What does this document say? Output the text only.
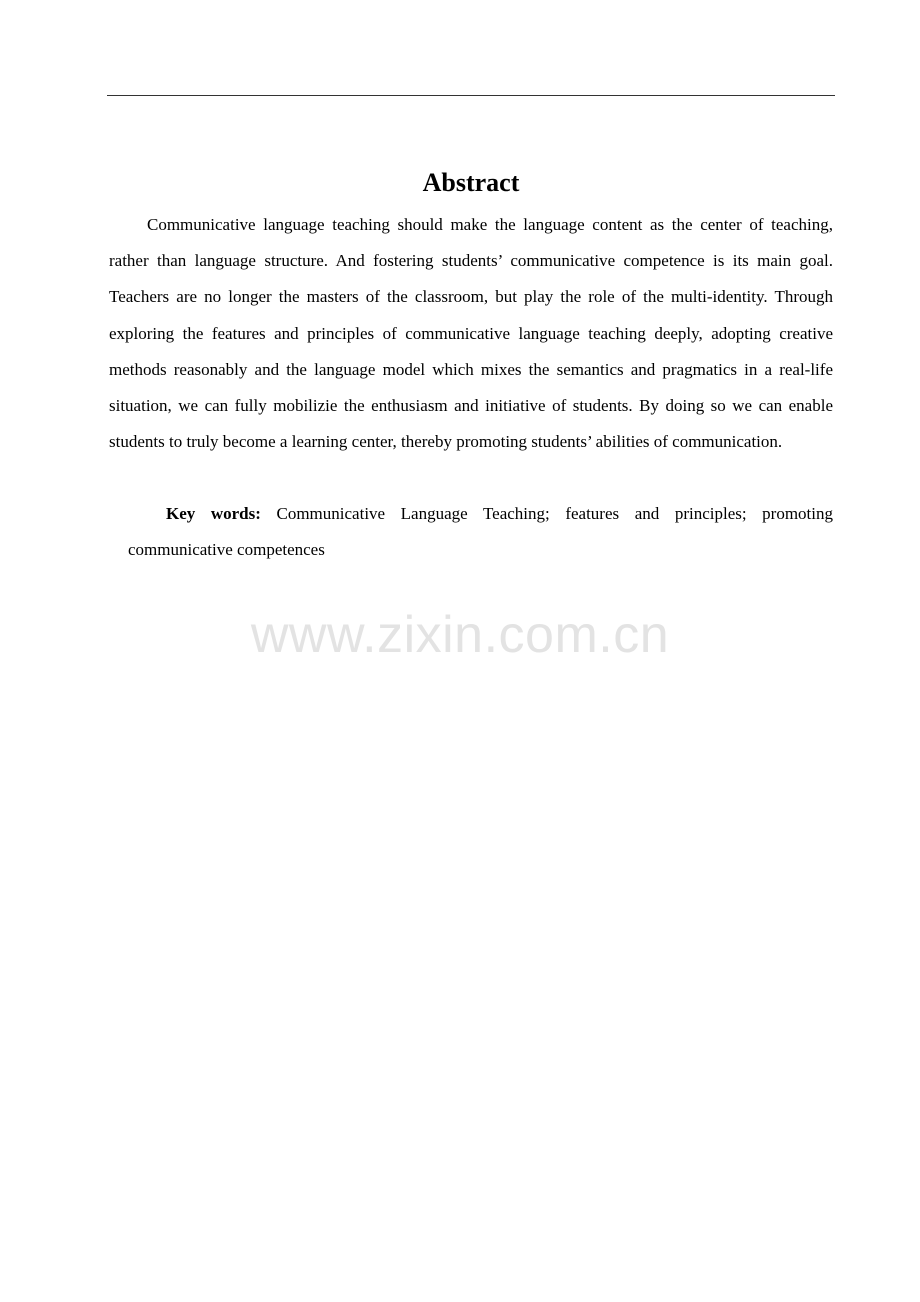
Abstract

Communicative language teaching should make the language content as the center of teaching, rather than language structure. And fostering students’ communicative competence is its main goal. Teachers are no longer the masters of the classroom, but play the role of the multi-identity. Through exploring the features and principles of communicative language teaching deeply, adopting creative methods reasonably and the language model which mixes the semantics and pragmatics in a real-life situation, we can fully mobilizie the enthusiasm and initiative of students. By doing so we can enable students to truly become a learning center, thereby promoting students’ abilities of communication.

Key words: Communicative Language Teaching; features and principles; promoting communicative competences

www.zixin.com.cn
